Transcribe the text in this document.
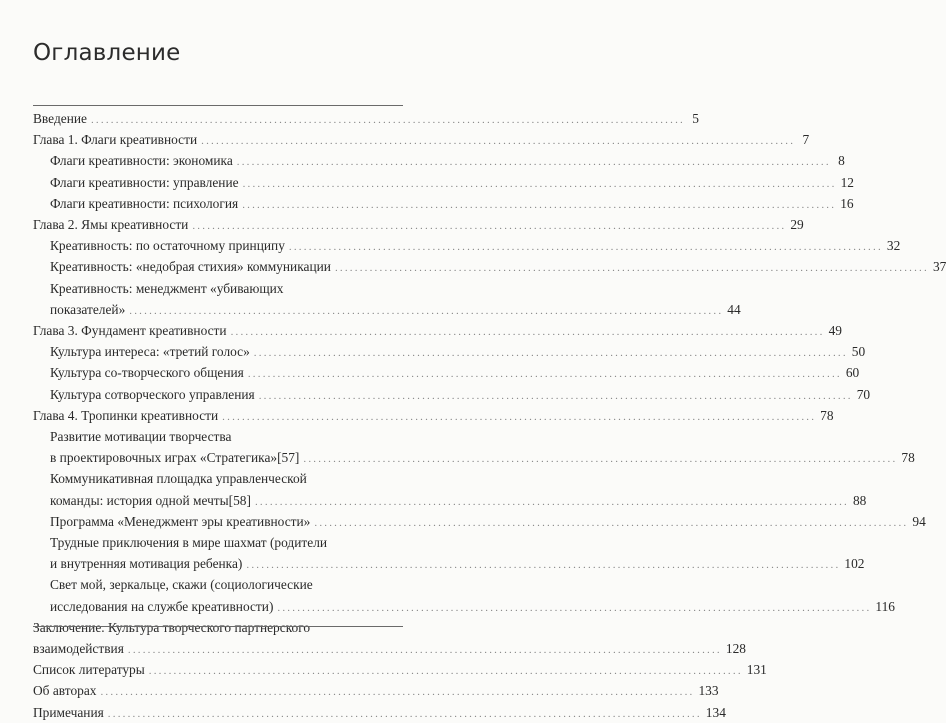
Оглавление
Введение ........................................................................................................................ 5
Глава 1. Флаги креативности ........................................................................................................................ 7
Флаги креативности: экономика ........................................................................................................................ 8
Флаги креативности: управление ........................................................................................................................ 12
Флаги креативности: психология ........................................................................................................................ 16
Глава 2. Ямы креативности ........................................................................................................................ 29
Креативность: по остаточному принципу ........................................................................................................................ 32
Креативность: «недобрая стихия» коммуникации ........................................................................................................................ 37
Креативность: менеджмент «убивающих
показателей» ........................................................................................................................ 44
Глава 3. Фундамент креативности ........................................................................................................................ 49
Культура интереса: «третий голос» ........................................................................................................................ 50
Культура со-творческого общения ........................................................................................................................ 60
Культура сотворческого управления ........................................................................................................................ 70
Глава 4. Тропинки креативности ........................................................................................................................ 78
Развитие мотивации творчества
в проектировочных играх «Стратегика»[57] ........................................................................................................................ 78
Коммуникативная площадка управленческой
команды: история одной мечты[58] ........................................................................................................................ 88
Программа «Менеджмент эры креативности» ........................................................................................................................ 94
Трудные приключения в мире шахмат (родители
и внутренняя мотивация ребенка) ........................................................................................................................ 102
Свет мой, зеркальце, скажи (социологические
исследования на службе креативности) ........................................................................................................................ 116
Заключение. Культура творческого партнерского
взаимодействия ........................................................................................................................ 128
Список литературы ........................................................................................................................ 131
Об авторах ........................................................................................................................ 133
Примечания ........................................................................................................................ 134
